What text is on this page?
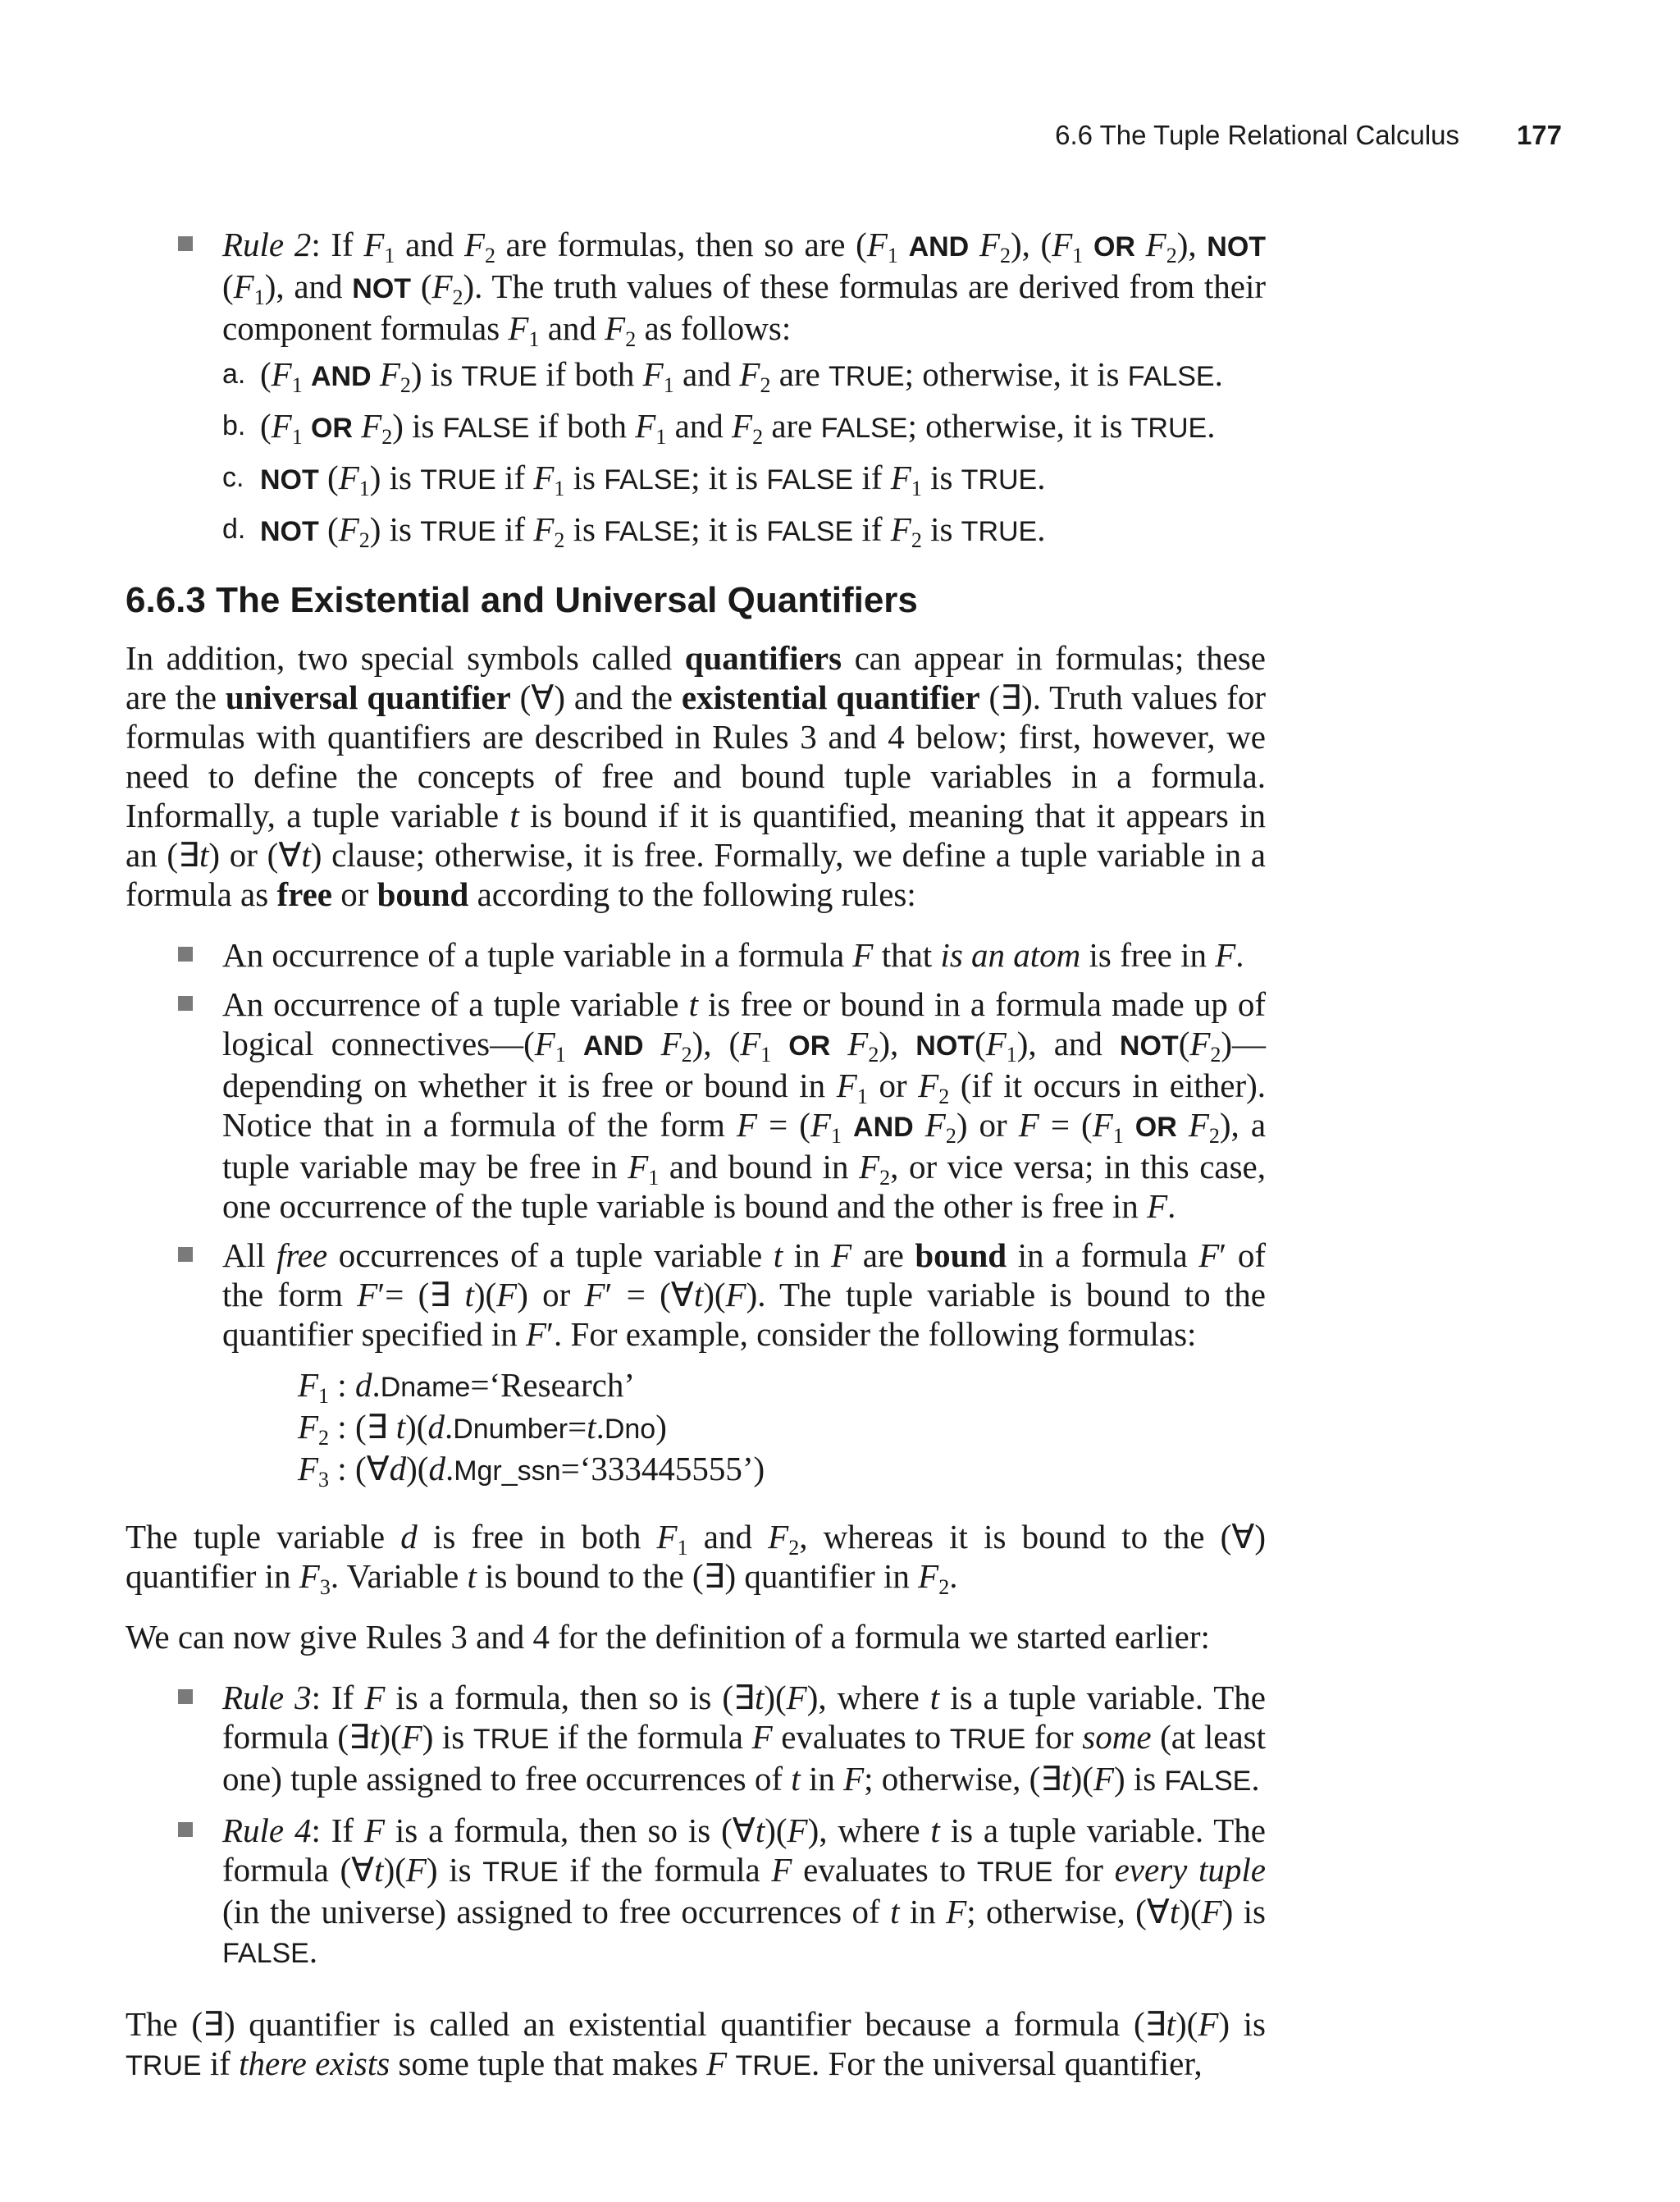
6.6 The Tuple Relational Calculus 177

Rule 2: If $F_1$ and $F_2$ are formulas, then so are ($F_1$ AND $F_2$), ($F_1$ OR $F_2$), NOT $(F_1)$, and NOT $(F_2)$. The truth values of these formulas are derived from their component formulas $F_1$ and $F_2$ as follows:

a. ($F_1$ AND $F_2$) is TRUE if both $F_1$ and $F_2$ are TRUE; otherwise, it is FALSE.
b. ($F_1$ OR $F_2$) is FALSE if both $F_1$ and $F_2$ are FALSE; otherwise, it is TRUE.
c. NOT $(F_1)$ is TRUE if $F_1$ is FALSE; it is FALSE if $F_1$ is TRUE.
d. NOT $(F_2)$ is TRUE if $F_2$ is FALSE; it is FALSE if $F_2$ is TRUE.
6.6.3 The Existential and Universal Quantifiers

In addition, two special symbols called quantifiers can appear in formulas; these are the universal quantifier (∀) and the existential quantifier (∃). Truth values for formulas with quantifiers are described in Rules 3 and 4 below; first, however, we need to define the concepts of free and bound tuple variables in a formula. Informally, a tuple variable t is bound if it is quantified, meaning that it appears in an (∃t) or (∀t) clause; otherwise, it is free. Formally, we define a tuple variable in a formula as free or bound according to the following rules:

An occurrence of a tuple variable in a formula F that is an atom is free in F.

An occurrence of a tuple variable t is free or bound in a formula made up of logical $connectives—(F_1$ AND $F_2$), ($F_1$ OR $F_2$), $NOT(F_1)$, and $NOT(F_2)—depending$ on whether it is free or bound in $F_1$ or $F_2$ (if it occurs in either). Notice that in a formula of the form $F = (F_1$ AND $F_2$) or $F = (F_1$ OR $F_2$), a tuple variable may be free in $F_1$ and bound in $F_2$, or vice versa; in this case, one occurrence of the tuple variable is bound and the other is free in F.

All free occurrences of a tuple variable t in F are bound in a formula F′ of the form F′= (∃ t)(F) or F′ = (∀t)(F). The tuple variable is bound to the quantifier specified in F′. For example, consider the following formulas:

$F_1$ : d.Dname=‘Research’
$F_2$ : (∃ t)(d.Dnumber=t.Dno)
$F_3$ : (∀d)(d.Mgr_ssn=‘333445555’)

The tuple variable d is free in both $F_1$ and $F_2$, whereas it is bound to the (∀) quantifier in $F_3$. Variable t is bound to the (∃) quantifier in $F_2$.

We can now give Rules 3 and 4 for the definition of a formula we started earlier:

Rule 3: If F is a formula, then so is (∃t)(F), where t is a tuple variable. The formula (∃t)(F) is TRUE if the formula F evaluates to TRUE for some (at least one) tuple assigned to free occurrences of t in F; otherwise, (∃t)(F) is FALSE.

Rule 4: If F is a formula, then so is (∀t)(F), where t is a tuple variable. The formula (∀t)(F) is TRUE if the formula F evaluates to TRUE for every tuple (in the universe) assigned to free occurrences of t in F; otherwise, (∀t)(F) is FALSE.

The (∃) quantifier is called an existential quantifier because a formula (∃t)(F) is TRUE if there exists some tuple that makes F TRUE. For the universal quantifier,
